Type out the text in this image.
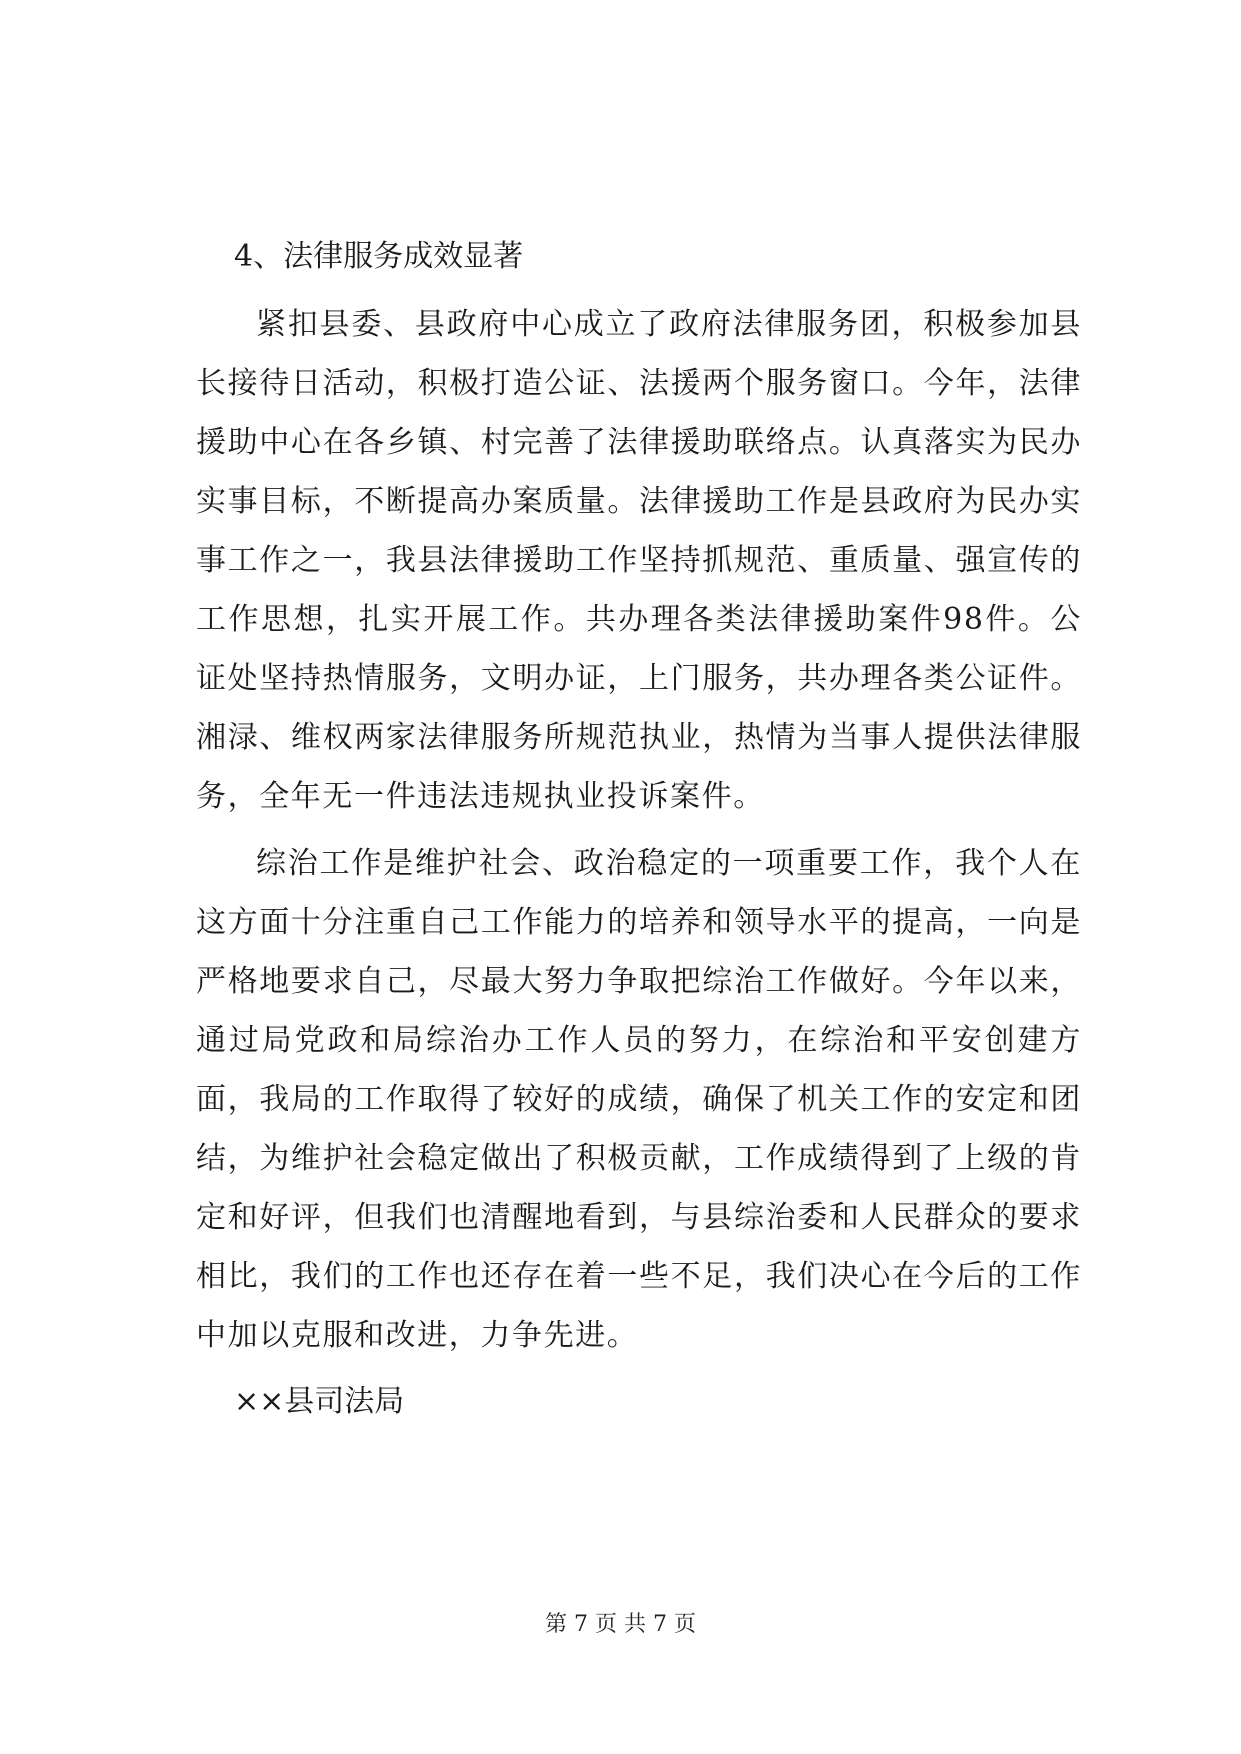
4、法律服务成效显著

紧扣县委、县政府中心成立了政府法律服务团，积极参加县长接待日活动，积极打造公证、法援两个服务窗口。今年，法律援助中心在各乡镇、村完善了法律援助联络点。认真落实为民办实事目标，不断提高办案质量。法律援助工作是县政府为民办实事工作之一，我县法律援助工作坚持抓规范、重质量、强宣传的工作思想，扎实开展工作。共办理各类法律援助案件98件。公证处坚持热情服务，文明办证，上门服务，共办理各类公证件。湘渌、维权两家法律服务所规范执业，热情为当事人提供法律服务，全年无一件违法违规执业投诉案件。

综治工作是维护社会、政治稳定的一项重要工作，我个人在这方面十分注重自己工作能力的培养和领导水平的提高，一向是严格地要求自己，尽最大努力争取把综治工作做好。今年以来，通过局党政和局综治办工作人员的努力，在综治和平安创建方面，我局的工作取得了较好的成绩，确保了机关工作的安定和团结，为维护社会稳定做出了积极贡献，工作成绩得到了上级的肯定和好评，但我们也清醒地看到，与县综治委和人民群众的要求相比，我们的工作也还存在着一些不足，我们决心在今后的工作中加以克服和改进，力争先进。

××县司法局
第 7 页 共 7 页
